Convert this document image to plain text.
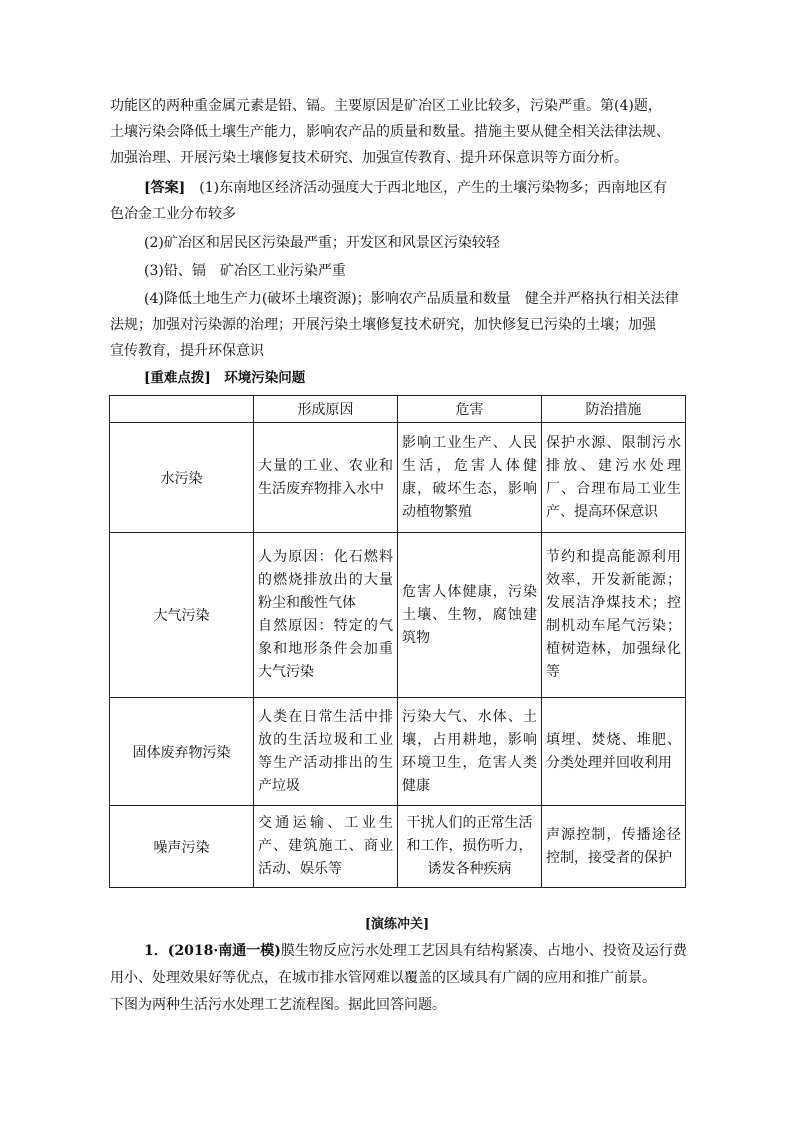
功能区的两种重金属元素是铅、镉。主要原因是矿冶区工业比较多，污染严重。第(4)题，

土壤污染会降低土壤生产能力，影响农产品的质量和数量。措施主要从健全相关法律法规、

加强治理、开展污染土壤修复技术研究、加强宣传教育、提升环保意识等方面分析。

[答案]　 (1)东南地区经济活动强度大于西北地区，产生的土壤污染物多；西南地区有

色冶金工业分布较多

(2)矿冶区和居民区污染最严重；开发区和风景区污染较轻

(3)铅、镉　矿冶区工业污染严重

(4)降低土地生产力(破坏土壤资源)；影响农产品质量和数量　健全并严格执行相关法律

法规；加强对污染源的治理；开展污染土壤修复技术研究，加快修复已污染的土壤；加强

宣传教育，提升环保意识

[重难点拨]　环境污染问题

	形成原因	危害	防治措施
水污染	大量的工业、农业和生活废弃物排入水中	影响工业生产、人民生活，危害人体健康，破坏生态，影响动植物繁殖	保护水源、限制污水排放、建污水处理厂、合理布局工业生产、提高环保意识
大气污染	人为原因：化石燃料的燃烧排放出的大量粉尘和酸性气体
自然原因：特定的气象和地形条件会加重大气污染	危害人体健康，污染土壤、生物，腐蚀建筑物	节约和提高能源利用效率，开发新能源；发展洁净煤技术；控制机动车尾气污染；植树造林，加强绿化等
固体废弃物污染	人类在日常生活中排放的生活垃圾和工业等生产活动排出的生产垃圾	污染大气、水体、土壤，占用耕地，影响环境卫生，危害人类健康	填埋、焚烧、堆肥、分类处理并回收利用
噪声污染	交通运输、工业生产、建筑施工、商业活动、娱乐等	干扰人们的正常生活和工作，损伤听力，诱发各种疾病	声源控制，传播途径控制，接受者的保护

[演练冲关]

1．(2018·南通一模)膜生物反应污水处理工艺因具有结构紧凑、占地小、投资及运行费

用小、处理效果好等优点，在城市排水管网难以覆盖的区域具有广阔的应用和推广前景。

下图为两种生活污水处理工艺流程图。据此回答问题。
